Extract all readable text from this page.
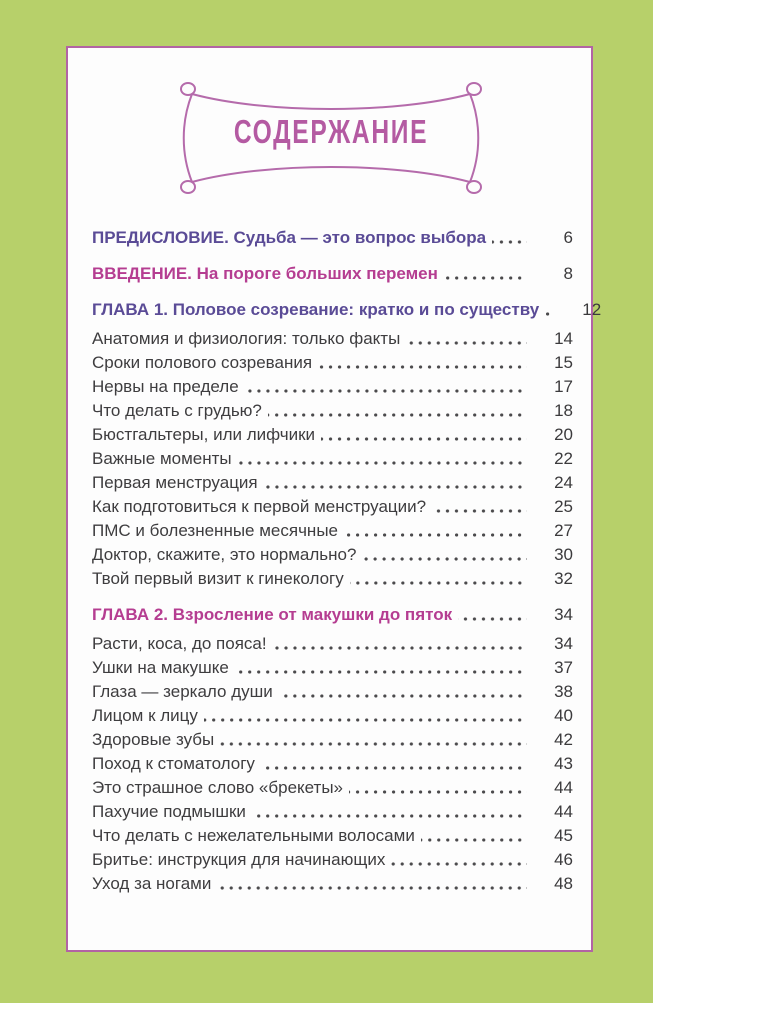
СОДЕРЖАНИЕ
ПРЕДИСЛОВИЕ. Судьба — это вопрос выбора	6
ВВЕДЕНИЕ. На пороге больших перемен	8
ГЛАВА 1. Половое созревание: кратко и по существу	12
Анатомия и физиология: только факты	14
Сроки полового созревания	15
Нервы на пределе	17
Что делать с грудью?	18
Бюстгальтеры, или лифчики	20
Важные моменты	22
Первая менструация	24
Как подготовиться к первой менструации?	25
ПМС и болезненные месячные	27
Доктор, скажите, это нормально?	30
Твой первый визит к гинекологу	32
ГЛАВА 2. Взросление от макушки до пяток	34
Расти, коса, до пояса!	34
Ушки на макушке	37
Глаза — зеркало души	38
Лицом к лицу	40
Здоровые зубы	42
Поход к стоматологу	43
Это страшное слово «брекеты»	44
Пахучие подмышки	44
Что делать с нежелательными волосами	45
Бритье: инструкция для начинающих	46
Уход за ногами	48
